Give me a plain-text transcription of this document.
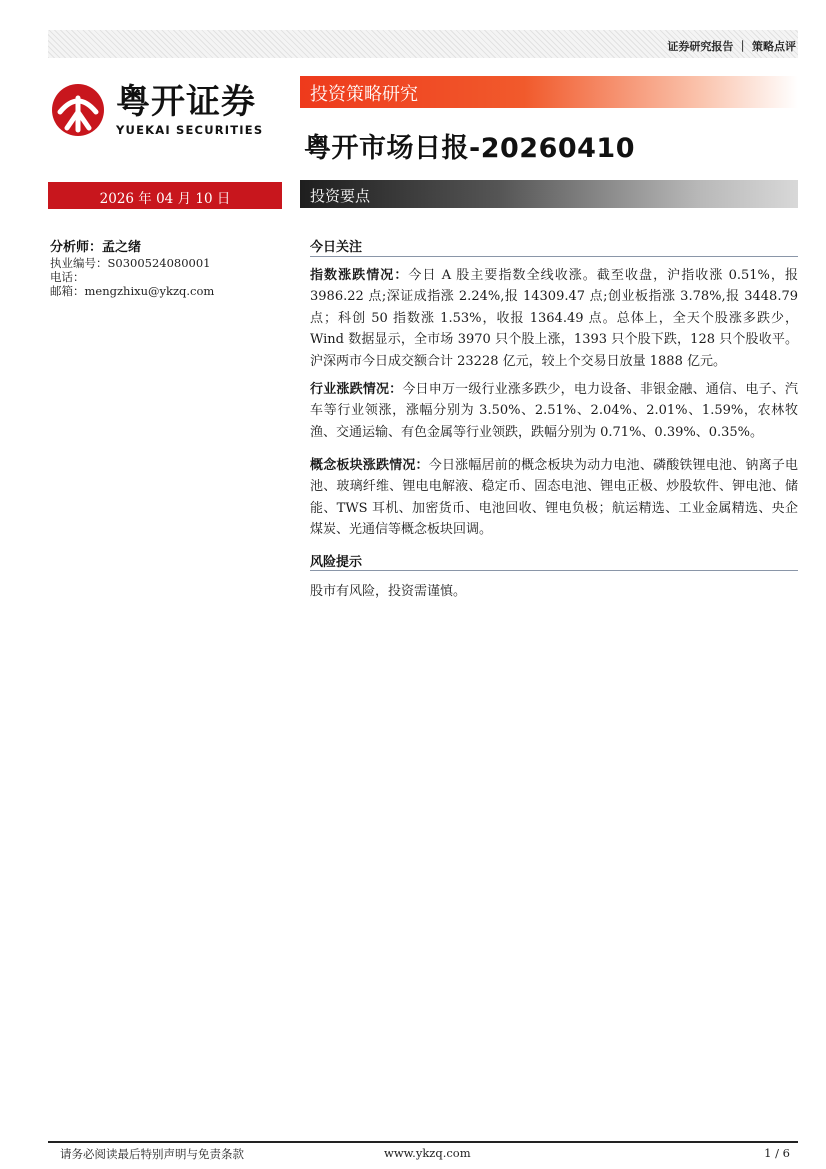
证券研究报告 ｜ 策略点评
粤开证券
YUEKAI SECURITIES
投资策略研究
粤开市场日报-20260410
2026 年 04 月 10 日	投资要点
分析师：孟之绪
执业编号：S0300524080001
电话：
邮箱：mengzhixu@ykzq.com
今日关注
指数涨跌情况：今日 A 股主要指数全线收涨。截至收盘，沪指收涨 0.51%，报 3986.22 点;深证成指涨 2.24%,报 14309.47 点;创业板指涨 3.78%,报 3448.79 点；科创 50 指数涨 1.53%，收报 1364.49 点。总体上，全天个股涨多跌少，Wind 数据显示，全市场 3970 只个股上涨，1393 只个股下跌，128 只个股收平。沪深两市今日成交额合计 23228 亿元，较上个交易日放量 1888 亿元。
行业涨跌情况：今日申万一级行业涨多跌少，电力设备、非银金融、通信、电子、汽车等行业领涨，涨幅分别为 3.50%、2.51%、2.04%、2.01%、1.59%，农林牧渔、交通运输、有色金属等行业领跌，跌幅分别为 0.71%、0.39%、0.35%。
概念板块涨跌情况：今日涨幅居前的概念板块为动力电池、磷酸铁锂电池、钠离子电池、玻璃纤维、锂电电解液、稳定币、固态电池、锂电正极、炒股软件、钾电池、储能、TWS 耳机、加密货币、电池回收、锂电负极；航运精选、工业金属精选、央企煤炭、光通信等概念板块回调。
风险提示
股市有风险，投资需谨慎。
请务必阅读最后特别声明与免责条款	www.ykzq.com	1 / 6
